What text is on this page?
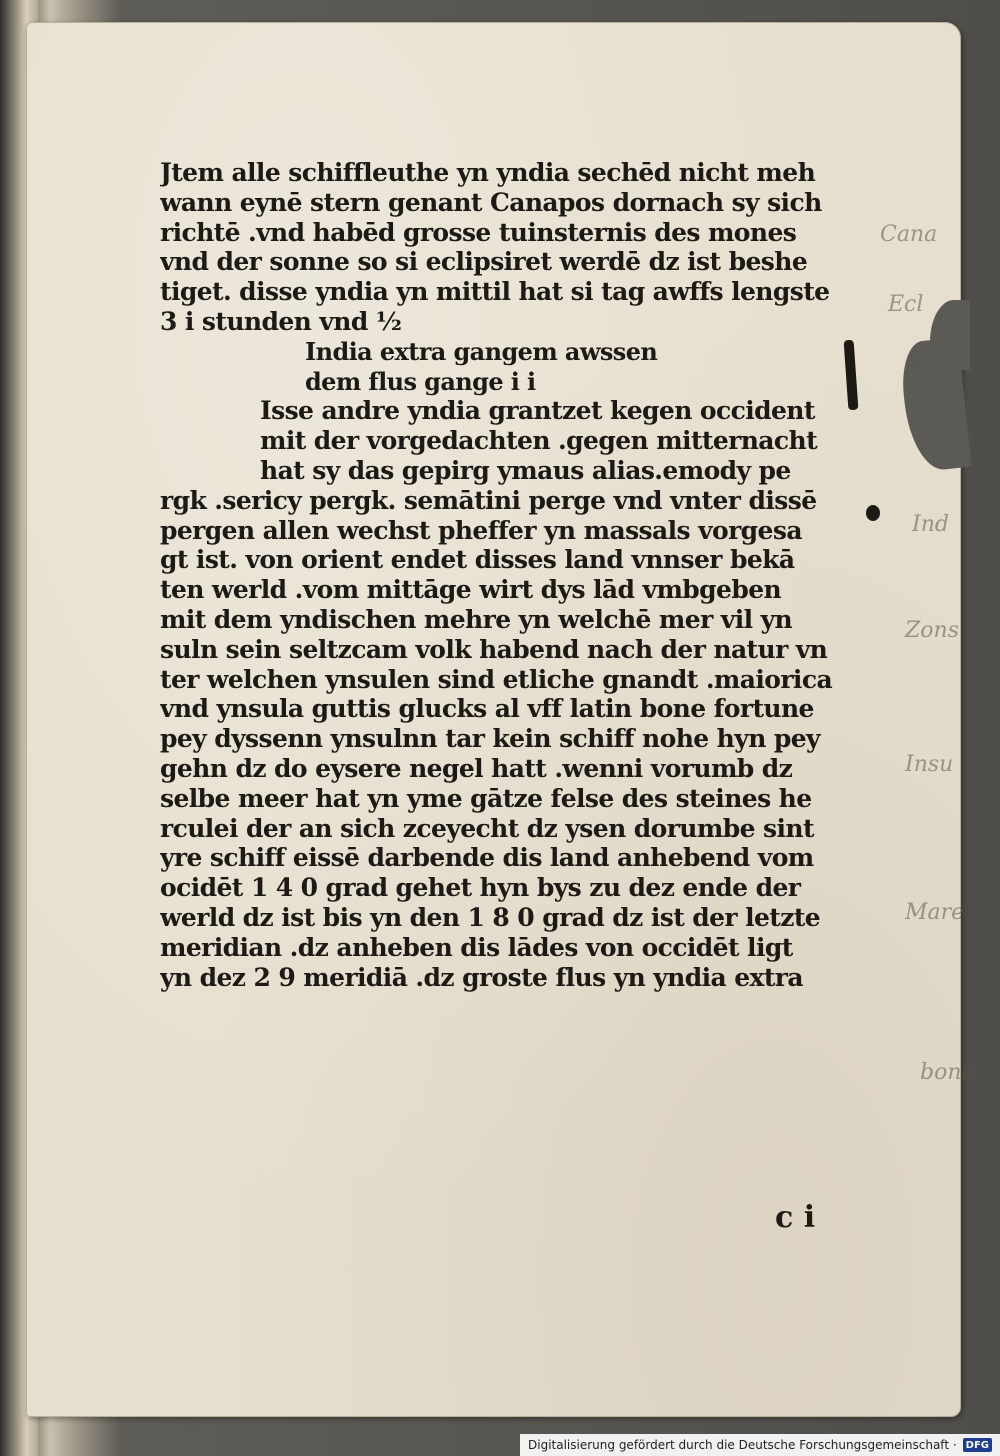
Jtem alle schiffleuthe yn yndia sechēd nicht meh
wann eynē stern genant Canapos dornach sy sich
richtē .vnd habēd grosse tuinsternis des mones
vnd der sonne so si eclipsiret werdē dz ist beshe
tiget. disse yndia yn mittil hat si tag awffs lengste
3 i stunden vnd ½
India extra gangem awssen
dem flus gange i i
Isse andre yndia grantzet kegen occident
mit der vorgedachten .gegen mitternacht
hat sy das gepirg ymaus alias.emody pe
rgk .sericy pergk. semātini perge vnd vnter dissē
pergen allen wechst pheffer yn massals vorgesa
gt ist. von orient endet disses land vnnser bekā
ten werld .vom mittāge wirt dys lād vmbgeben
mit dem yndischen mehre yn welchē mer vil yn
suln sein seltzcam volk habend nach der natur vn
ter welchen ynsulen sind etliche gnandt .maiorica
vnd ynsula guttis glucks al vff latin bone fortune
pey dyssenn ynsulnn tar kein schiff nohe hyn pey
gehn dz do eysere negel hatt .wenni vorumb dz
selbe meer hat yn yme gātze felse des steines he
rculei der an sich zceyecht dz ysen dorumbe sint
yre schiff eissē darbende dis land anhebend vom
ocidēt 1 4 0 grad gehet hyn bys zu dez ende der
werld dz ist bis yn den 1 8 0 grad dz ist der letzte
meridian .dz anheben dis lādes von occidēt ligt
yn dez 2 9 meridiā .dz groste flus yn yndia extra
c i
Cana
Ecl
&
Ind
Zons
Insu
Mare
bona
Digitalisierung gefördert durch die Deutsche Forschungsgemeinschaft · DFG
